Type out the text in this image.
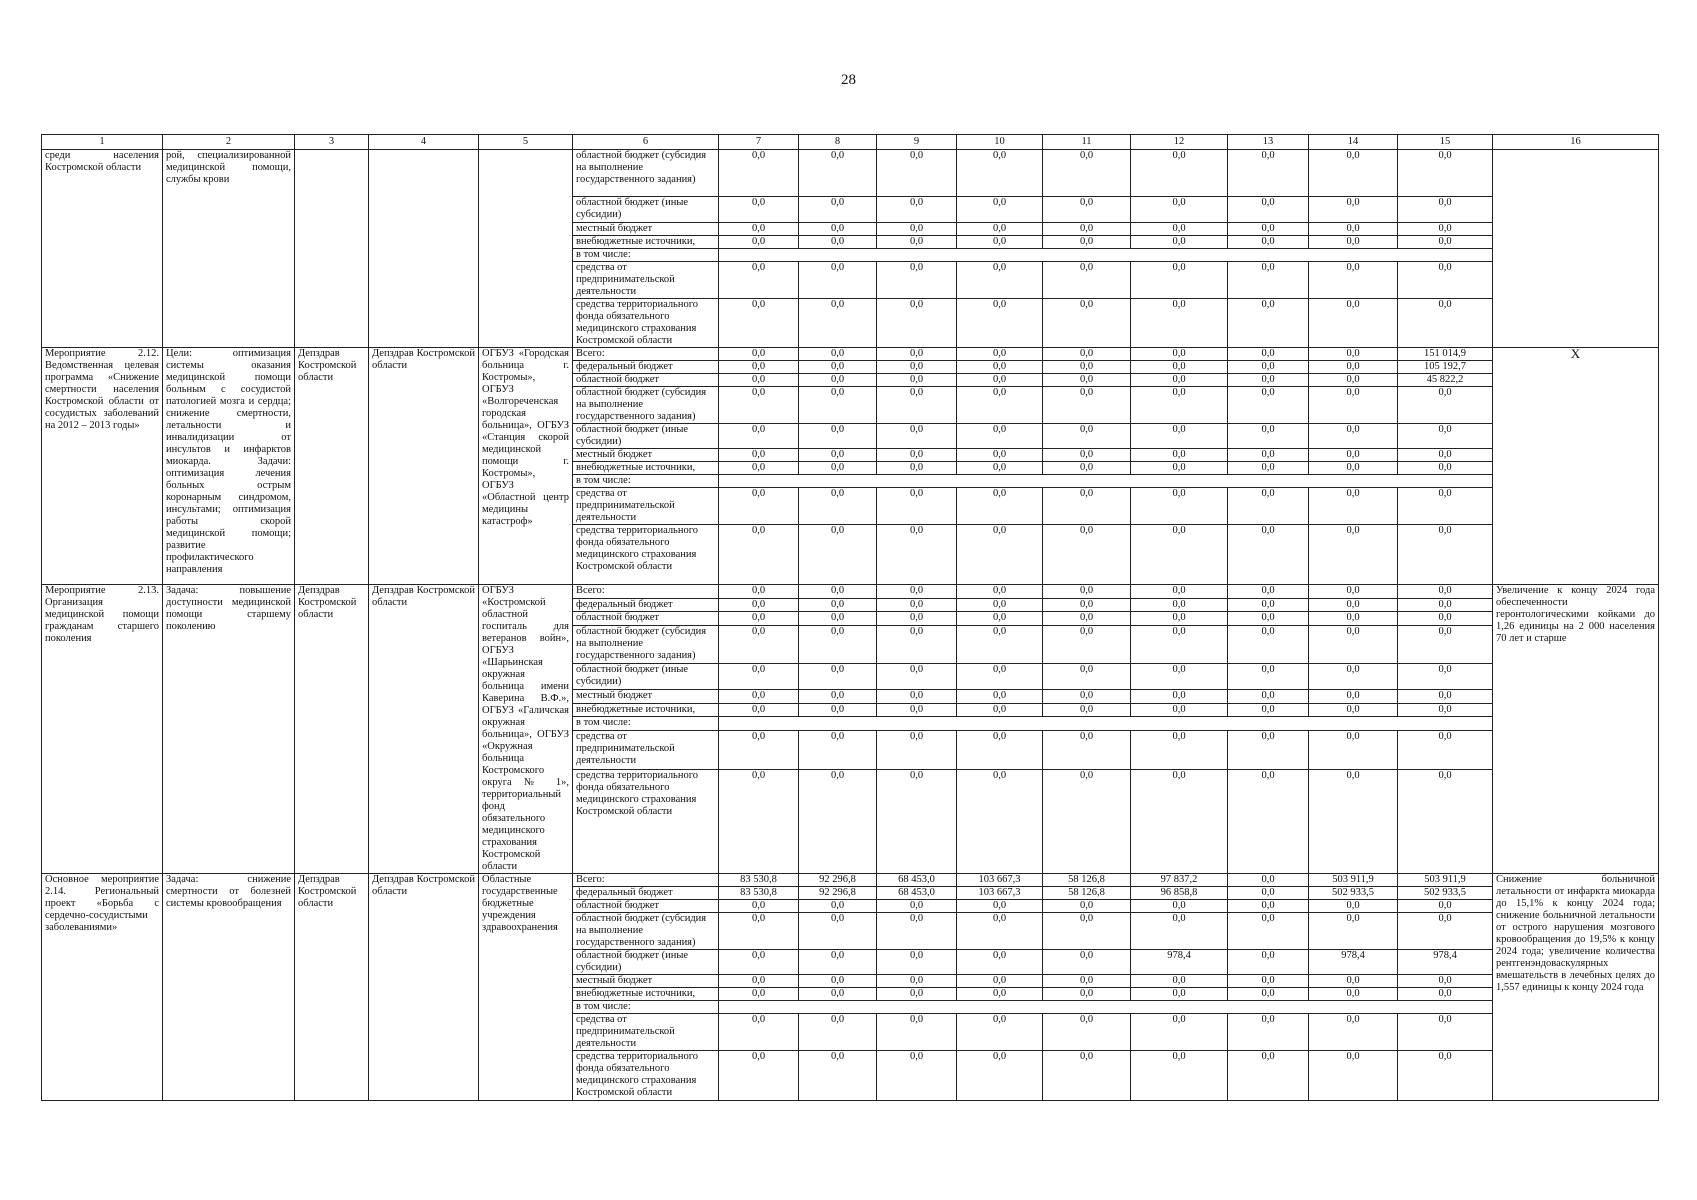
28
1	2	3	4	5	6	7	8	9	10	11	12	13	14	15	16
среди населения Костромской области	рой, специализированной медицинской помощи, службы крови				областной бюджет (субсидия на выполнение государственного задания)	0,0	0,0	0,0	0,0	0,0	0,0	0,0	0,0	0,0	
					областной бюджет (иные субсидии)	0,0	0,0	0,0	0,0	0,0	0,0	0,0	0,0	0,0	
					местный бюджет	0,0	0,0	0,0	0,0	0,0	0,0	0,0	0,0	0,0	
					внебюджетные источники,	0,0	0,0	0,0	0,0	0,0	0,0	0,0	0,0	0,0	
					в том числе:										
					средства от предпринимательской деятельности	0,0	0,0	0,0	0,0	0,0	0,0	0,0	0,0	0,0	
					средства территориального фонда обязательного медицинского страхования Костромской области	0,0	0,0	0,0	0,0	0,0	0,0	0,0	0,0	0,0	
Мероприятие 2.12. Ведомственная целевая программа «Снижение смертности населения Костромской области от сосудистых заболеваний на 2012 – 2013 годы»	Цели: оптимизация системы оказания медицинской помощи больным с сосудистой патологией мозга и сердца; снижение смертности, летальности и инвалидизации от инсультов и инфарктов миокарда. Задачи: оптимизация лечения больных острым коронарным синдромом, инсультами; оптимизация работы скорой медицинской помощи; развитие профилактического направления	Депздрав Костромской области	Депздрав Костромской области	ОГБУЗ «Городская больница г. Костромы», ОГБУЗ «Волгореченская городская больница», ОГБУЗ «Станция скорой медицинской помощи г. Костромы», ОГБУЗ «Областной центр медицины катастроф»	Всего:	0,0	0,0	0,0	0,0	0,0	0,0	0,0	0,0	151 014,9	Х
					федеральный бюджет	0,0	0,0	0,0	0,0	0,0	0,0	0,0	0,0	105 192,7	
					областной бюджет	0,0	0,0	0,0	0,0	0,0	0,0	0,0	0,0	45 822,2	
					областной бюджет (субсидия на выполнение государственного задания)	0,0	0,0	0,0	0,0	0,0	0,0	0,0	0,0	0,0	
					областной бюджет (иные субсидии)	0,0	0,0	0,0	0,0	0,0	0,0	0,0	0,0	0,0	
					местный бюджет	0,0	0,0	0,0	0,0	0,0	0,0	0,0	0,0	0,0	
					внебюджетные источники,	0,0	0,0	0,0	0,0	0,0	0,0	0,0	0,0	0,0	
					в том числе:										
					средства от предпринимательской деятельности	0,0	0,0	0,0	0,0	0,0	0,0	0,0	0,0	0,0	
					средства территориального фонда обязательного медицинского страхования Костромской области	0,0	0,0	0,0	0,0	0,0	0,0	0,0	0,0	0,0	
Мероприятие 2.13. Организация медицинской помощи гражданам старшего поколения	Задача: повышение доступности медицинской помощи старшему поколению	Депздрав Костромской области	Депздрав Костромской области	ОГБУЗ «Костромской областной госпиталь для ветеранов войн», ОГБУЗ «Шарьинская окружная больница имени Каверина В.Ф.», ОГБУЗ «Галичская окружная больница», ОГБУЗ «Окружная больница Костромского округа № 1», территориальный фонд обязательного медицинского страхования Костромской области	Всего:	0,0	0,0	0,0	0,0	0,0	0,0	0,0	0,0	0,0	Увеличение к концу 2024 года обеспеченности геронтологическими койками до 1,26 единицы на 2 000 населения 70 лет и старше
					федеральный бюджет	0,0	0,0	0,0	0,0	0,0	0,0	0,0	0,0	0,0	
					областной бюджет	0,0	0,0	0,0	0,0	0,0	0,0	0,0	0,0	0,0	
					областной бюджет (субсидия на выполнение государственного задания)	0,0	0,0	0,0	0,0	0,0	0,0	0,0	0,0	0,0	
					областной бюджет (иные субсидии)	0,0	0,0	0,0	0,0	0,0	0,0	0,0	0,0	0,0	
					местный бюджет	0,0	0,0	0,0	0,0	0,0	0,0	0,0	0,0	0,0	
					внебюджетные источники,	0,0	0,0	0,0	0,0	0,0	0,0	0,0	0,0	0,0	
					в том числе:										
					средства от предпринимательской деятельности	0,0	0,0	0,0	0,0	0,0	0,0	0,0	0,0	0,0	
					средства территориального фонда обязательного медицинского страхования Костромской области	0,0	0,0	0,0	0,0	0,0	0,0	0,0	0,0	0,0	
Основное мероприятие 2.14. Региональный проект «Борьба с сердечно-сосудистыми заболеваниями»	Задача: снижение смертности от болезней системы кровообращения	Депздрав Костромской области	Депздрав Костромской области	Областные государственные бюджетные учреждения здравоохранения	Всего:	83 530,8	92 296,8	68 453,0	103 667,3	58 126,8	97 837,2	0,0	503 911,9	503 911,9	Снижение больничной летальности от инфаркта миокарда до 15,1% к концу 2024 года; снижение больничной летальности от острого нарушения мозгового кровообращения до 19,5% к концу 2024 года; увеличение количества рентгенэндоваскулярных вмешательств в лечебных целях до 1,557 единицы к концу 2024 года
					федеральный бюджет	83 530,8	92 296,8	68 453,0	103 667,3	58 126,8	96 858,8	0,0	502 933,5	502 933,5	
					областной бюджет	0,0	0,0	0,0	0,0	0,0	0,0	0,0	0,0	0,0	
					областной бюджет (субсидия на выполнение государственного задания)	0,0	0,0	0,0	0,0	0,0	0,0	0,0	0,0	0,0	
					областной бюджет (иные субсидии)	0,0	0,0	0,0	0,0	0,0	978,4	0,0	978,4	978,4	
					местный бюджет	0,0	0,0	0,0	0,0	0,0	0,0	0,0	0,0	0,0	
					внебюджетные источники,	0,0	0,0	0,0	0,0	0,0	0,0	0,0	0,0	0,0	
					в том числе:										
					средства от предпринимательской деятельности	0,0	0,0	0,0	0,0	0,0	0,0	0,0	0,0	0,0	
					средства территориального фонда обязательного медицинского страхования Костромской области	0,0	0,0	0,0	0,0	0,0	0,0	0,0	0,0	0,0	
